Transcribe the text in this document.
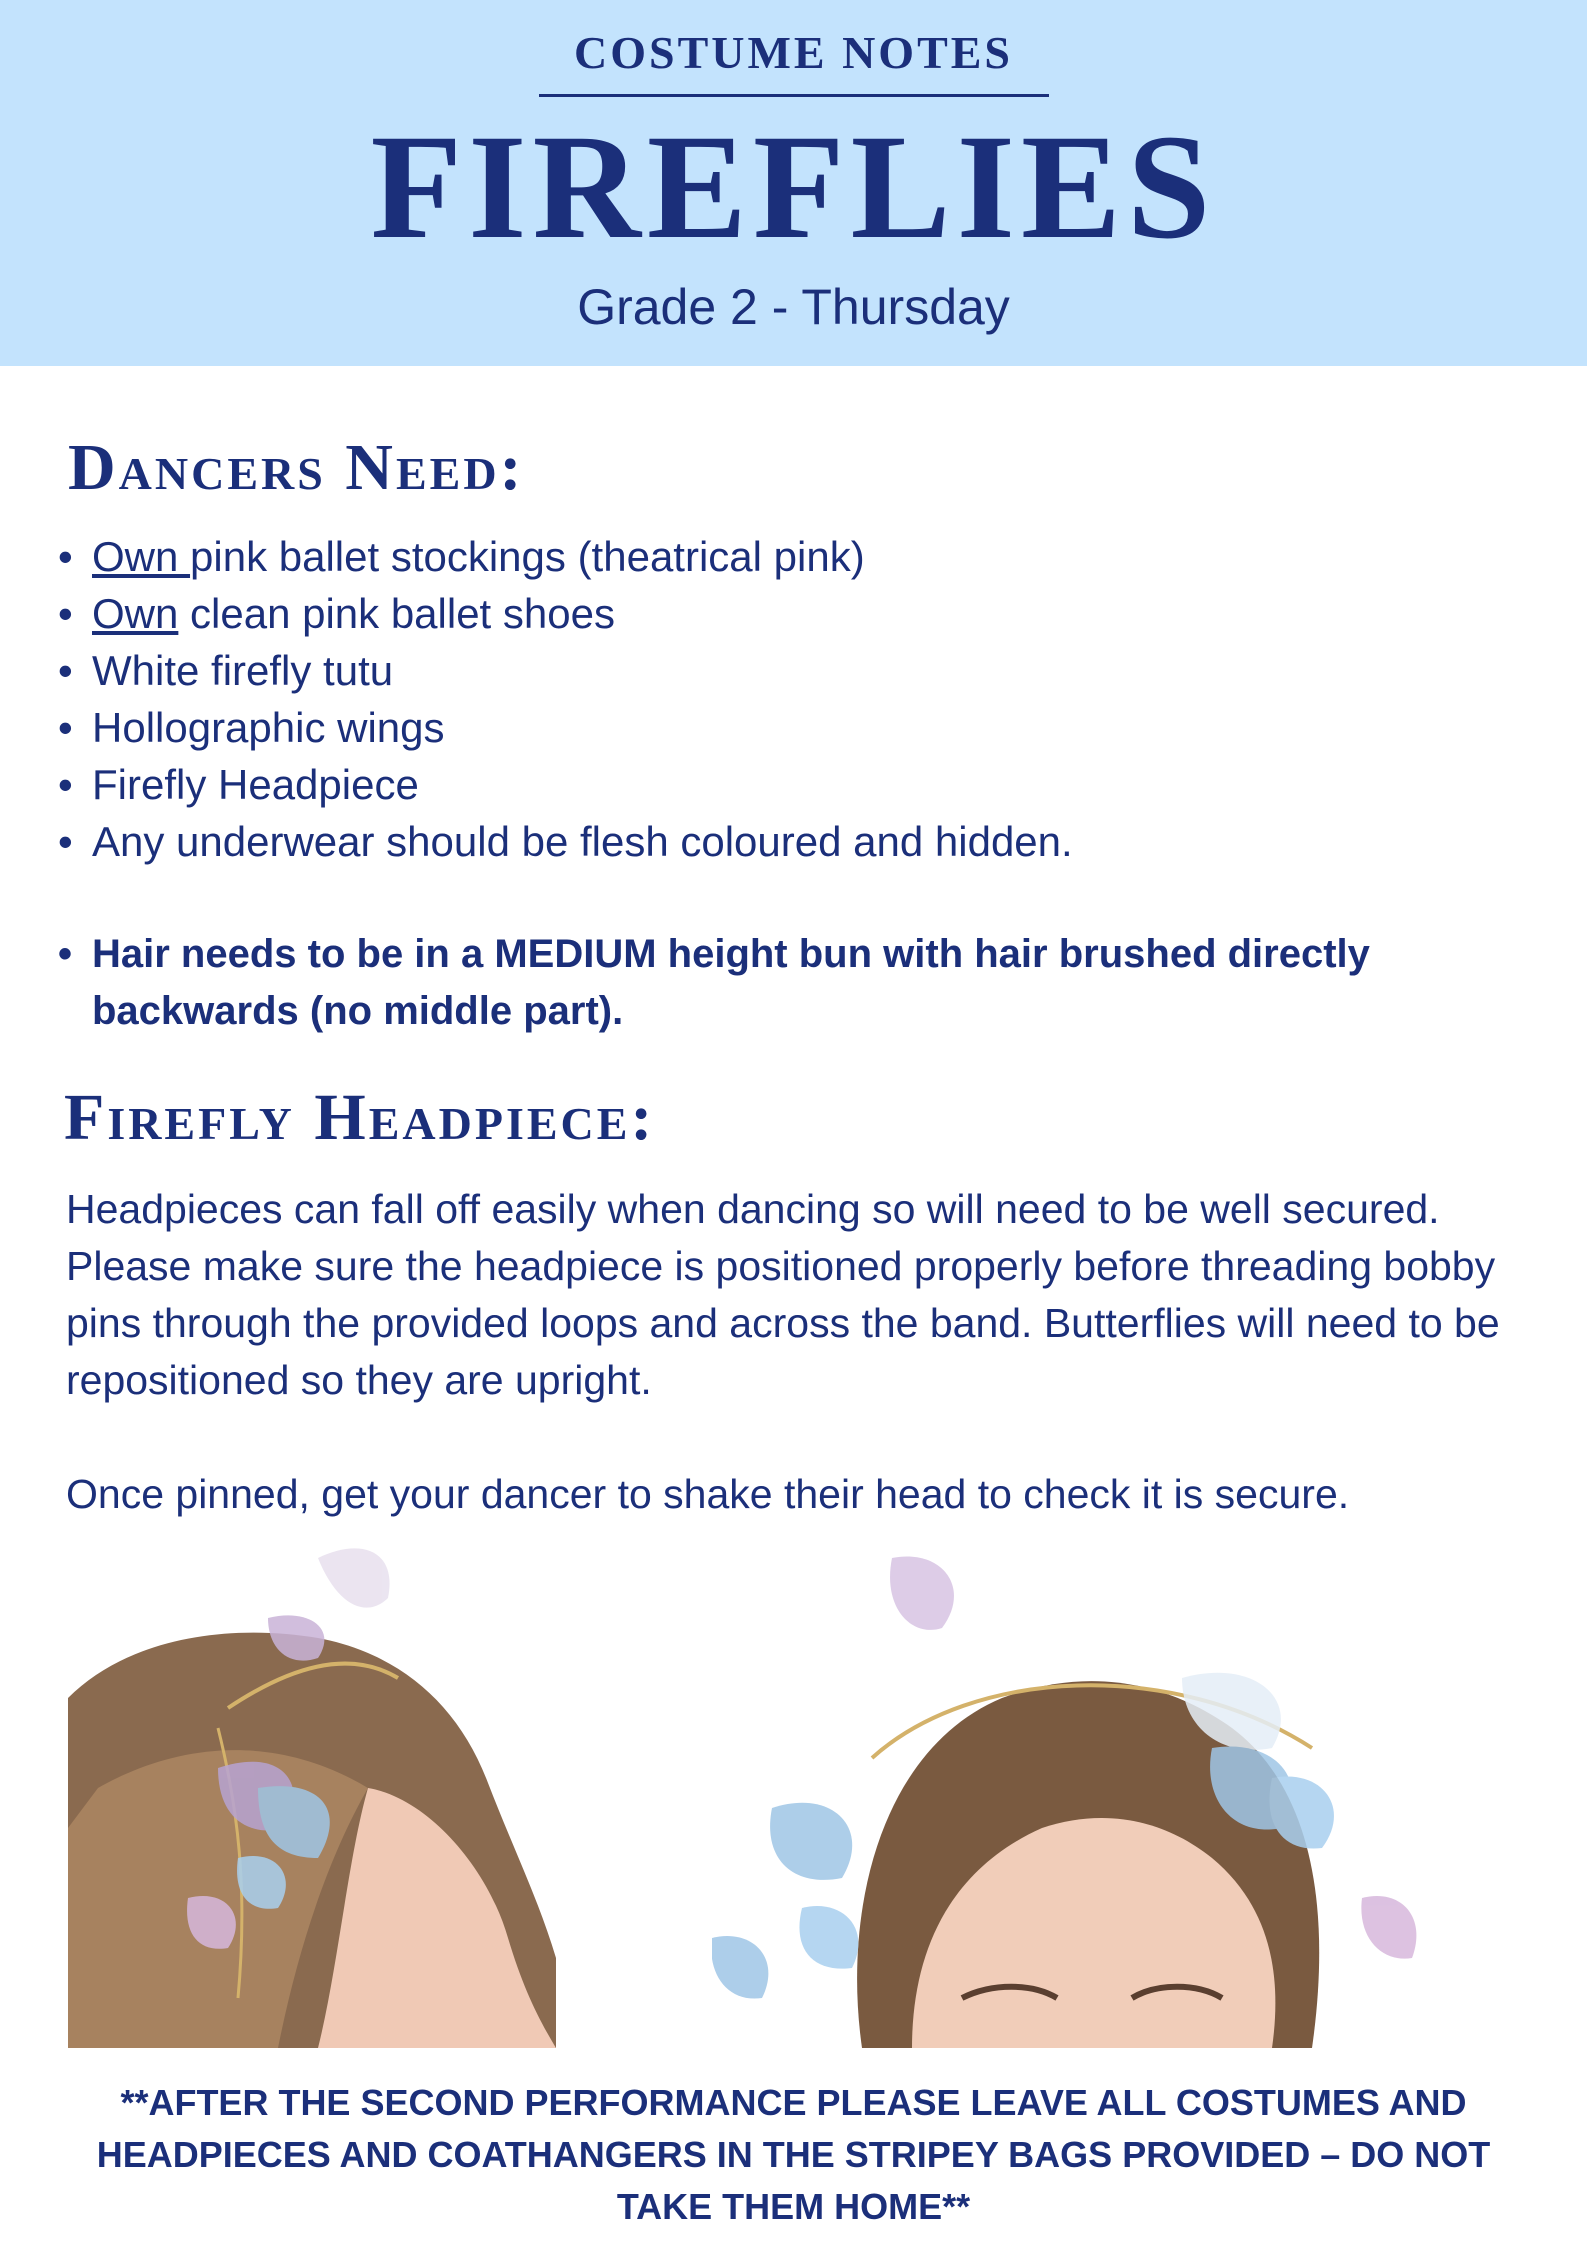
COSTUME NOTES
FIREFLIES
Grade 2 - Thursday
Dancers Need:
• Own pink ballet stockings (theatrical pink)
• Own clean pink ballet shoes
• White firefly tutu
• Hollographic wings
• Firefly Headpiece
• Any underwear should be flesh coloured and hidden.
• Hair needs to be in a MEDIUM height bun with hair brushed directly backwards (no middle part).
Firefly Headpiece:

Headpieces can fall off easily when dancing so will need to be well secured. Please make sure the headpiece is positioned properly before threading bobby pins through the provided loops and across the band. Butterflies will need to be repositioned so they are upright.

Once pinned, get your dancer to shake their head to check it is secure.

**AFTER THE SECOND PERFORMANCE PLEASE LEAVE ALL COSTUMES AND HEADPIECES AND COATHANGERS IN THE STRIPEY BAGS PROVIDED – DO NOT TAKE THEM HOME**
